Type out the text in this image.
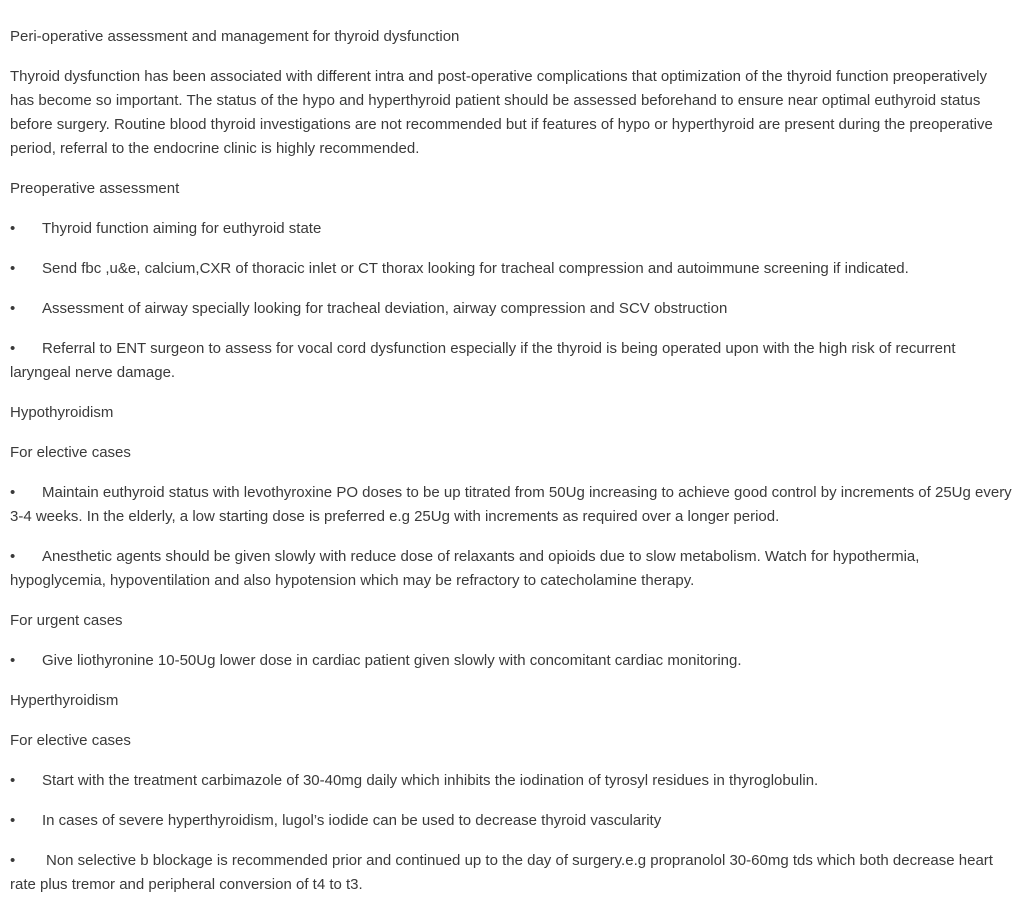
Peri-operative assessment and management for thyroid dysfunction

Thyroid dysfunction has been associated with different intra and post-operative complications that optimization of the thyroid function preoperatively has become so important. The status of the hypo and hyperthyroid patient should be assessed beforehand to ensure near optimal euthyroid status before surgery. Routine blood thyroid investigations are not recommended but if features of hypo or hyperthyroid are present during the preoperative period, referral to the endocrine clinic is highly recommended.

Preoperative assessment

• Thyroid function aiming for euthyroid state

• Send fbc ,u&e, calcium,CXR of thoracic inlet or CT thorax looking for tracheal compression and autoimmune screening if indicated.

• Assessment of airway specially looking for tracheal deviation, airway compression and SCV obstruction

• Referral to ENT surgeon to assess for vocal cord dysfunction especially if the thyroid is being operated upon with the high risk of recurrent laryngeal nerve damage.

Hypothyroidism

For elective cases

• Maintain euthyroid status with levothyroxine PO doses to be up titrated from 50Ug increasing to achieve good control by increments of 25Ug every 3-4 weeks. In the elderly, a low starting dose is preferred e.g 25Ug with increments as required over a longer period.

• Anesthetic agents should be given slowly with reduce dose of relaxants and opioids due to slow metabolism. Watch for hypothermia, hypoglycemia, hypoventilation and also hypotension which may be refractory to catecholamine therapy.

For urgent cases

• Give liothyronine 10-50Ug lower dose in cardiac patient given slowly with concomitant cardiac monitoring.

Hyperthyroidism

For elective cases

• Start with the treatment carbimazole of 30-40mg daily which inhibits the iodination of tyrosyl residues in thyroglobulin.

• In cases of severe hyperthyroidism, lugol’s iodide can be used to decrease thyroid vascularity

• Non selective b blockage is recommended prior and continued up to the day of surgery.e.g propranolol 30-60mg tds which both decrease heart rate plus tremor and peripheral conversion of t4 to t3.
